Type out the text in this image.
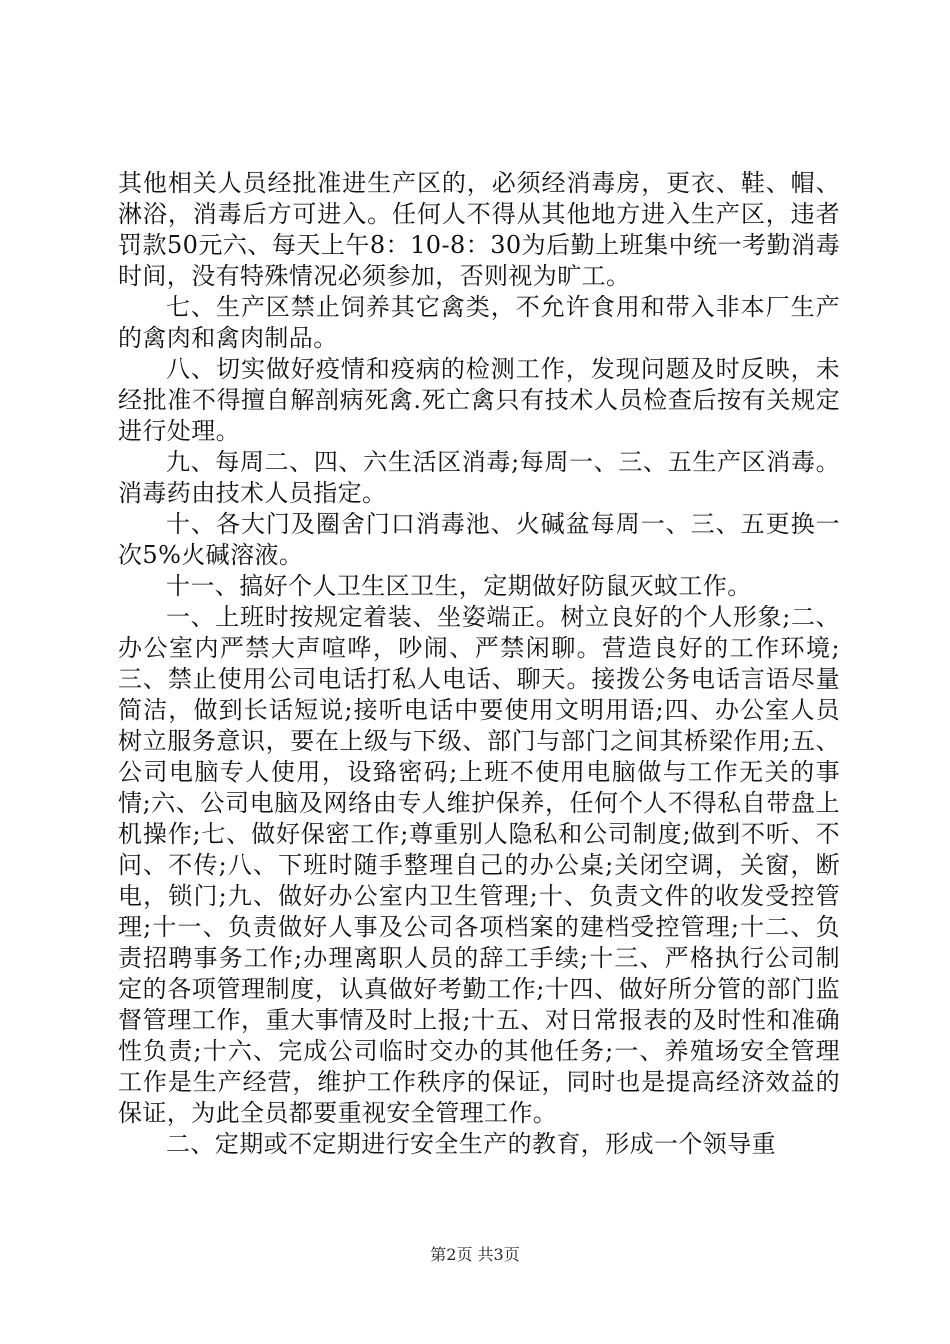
其他相关人员经批准进生产区的，必须经消毒房，更衣、鞋、帽、淋浴，消毒后方可进入。任何人不得从其他地方进入生产区，违者罚款50元六、每天上午8：10-8：30为后勤上班集中统一考勤消毒时间，没有特殊情况必须参加，否则视为旷工。

七、生产区禁止饲养其它禽类，不允许食用和带入非本厂生产的禽肉和禽肉制品。

八、切实做好疫情和疫病的检测工作，发现问题及时反映，未经批准不得擅自解剖病死禽.死亡禽只有技术人员检查后按有关规定进行处理。

九、每周二、四、六生活区消毒;每周一、三、五生产区消毒。消毒药由技术人员指定。

十、各大门及圈舍门口消毒池、火碱盆每周一、三、五更换一次5%火碱溶液。

十一、搞好个人卫生区卫生，定期做好防鼠灭蚊工作。

一、上班时按规定着装、坐姿端正。树立良好的个人形象;二、办公室内严禁大声喧哗，吵闹、严禁闲聊。营造良好的工作环境;三、禁止使用公司电话打私人电话、聊天。接拨公务电话言语尽量简洁，做到长话短说;接听电话中要使用文明用语;四、办公室人员树立服务意识，要在上级与下级、部门与部门之间其桥梁作用;五、公司电脑专人使用，设臵密码;上班不使用电脑做与工作无关的事情;六、公司电脑及网络由专人维护保养，任何个人不得私自带盘上机操作;七、做好保密工作;尊重别人隐私和公司制度;做到不听、不问、不传;八、下班时随手整理自己的办公桌;关闭空调，关窗，断电，锁门;九、做好办公室内卫生管理;十、负责文件的收发受控管理;十一、负责做好人事及公司各项档案的建档受控管理;十二、负责招聘事务工作;办理离职人员的辞工手续;十三、严格执行公司制定的各项管理制度，认真做好考勤工作;十四、做好所分管的部门监督管理工作，重大事情及时上报;十五、对日常报表的及时性和准确性负责;十六、完成公司临时交办的其他任务;一、养殖场安全管理工作是生产经营，维护工作秩序的保证，同时也是提高经济效益的保证，为此全员都要重视安全管理工作。

二、定期或不定期进行安全生产的教育，形成一个领导重

第2页 共3页
